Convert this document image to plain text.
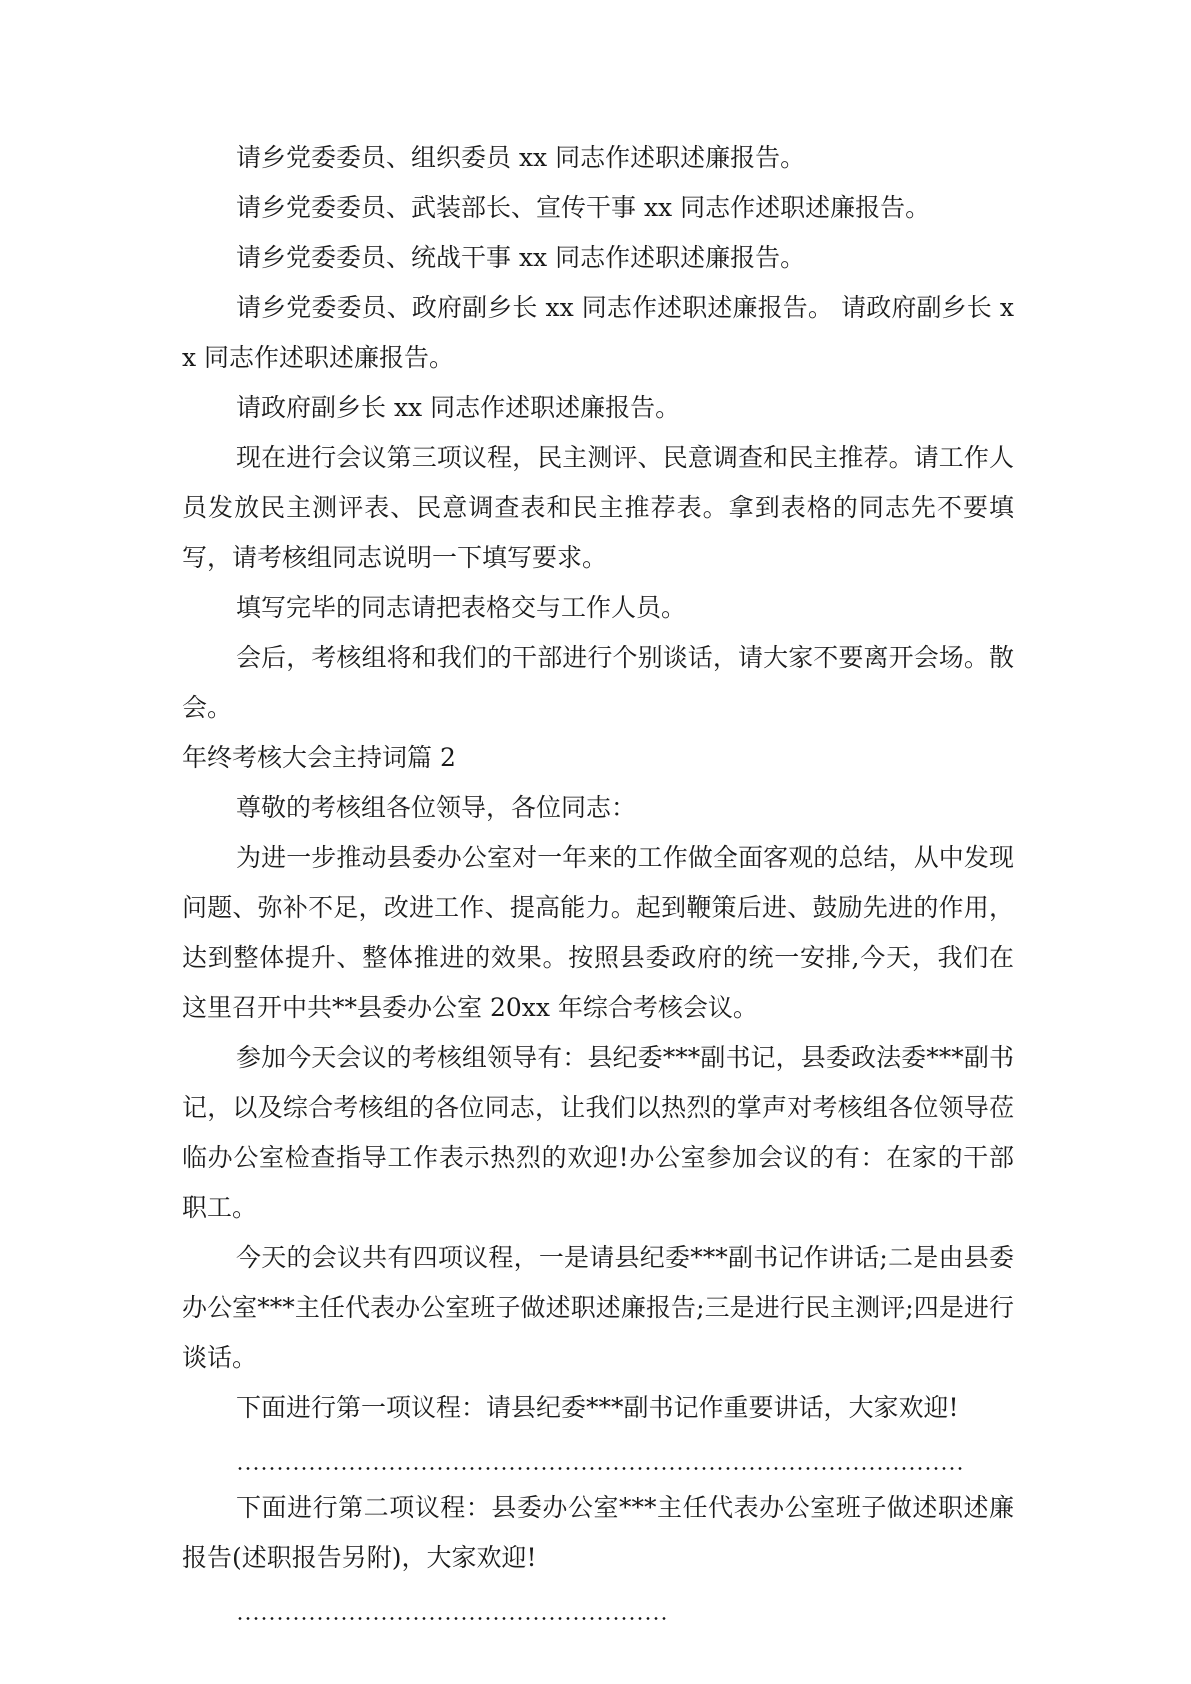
请乡党委委员、组织委员 xx 同志作述职述廉报告。

请乡党委委员、武装部长、宣传干事 xx 同志作述职述廉报告。

请乡党委委员、统战干事 xx 同志作述职述廉报告。

请乡党委委员、政府副乡长 xx 同志作述职述廉报告。 请政府副乡长 xx 同志作述职述廉报告。

请政府副乡长 xx 同志作述职述廉报告。

现在进行会议第三项议程，民主测评、民意调查和民主推荐。请工作人员发放民主测评表、民意调查表和民主推荐表。拿到表格的同志先不要填写，请考核组同志说明一下填写要求。

填写完毕的同志请把表格交与工作人员。

会后，考核组将和我们的干部进行个别谈话，请大家不要离开会场。散会。

年终考核大会主持词篇 2

尊敬的考核组各位领导，各位同志：

为进一步推动县委办公室对一年来的工作做全面客观的总结，从中发现问题、弥补不足，改进工作、提高能力。起到鞭策后进、鼓励先进的作用，达到整体提升、整体推进的效果。按照县委政府的统一安排,今天，我们在这里召开中共**县委办公室 20xx 年综合考核会议。

参加今天会议的考核组领导有：县纪委***副书记，县委政法委***副书记，以及综合考核组的各位同志，让我们以热烈的掌声对考核组各位领导莅临办公室检查指导工作表示热烈的欢迎!办公室参加会议的有：在家的干部职工。

今天的会议共有四项议程，一是请县纪委***副书记作讲话;二是由县委办公室***主任代表办公室班子做述职述廉报告;三是进行民主测评;四是进行谈话。

下面进行第一项议程：请县纪委***副书记作重要讲话，大家欢迎!

下面进行第二项议程：县委办公室***主任代表办公室班子做述职述廉报告(述职报告另附)，大家欢迎!
